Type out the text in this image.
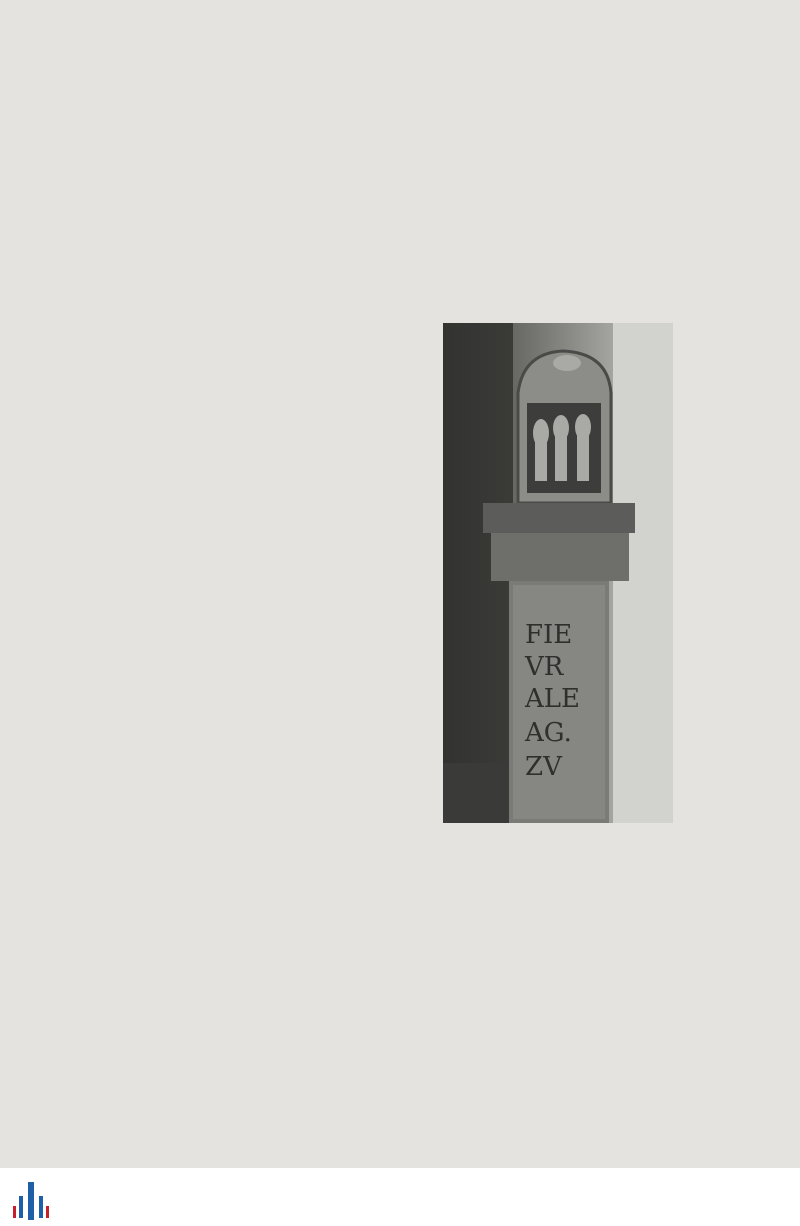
FIE
VR
ALE
AG.
ZV
